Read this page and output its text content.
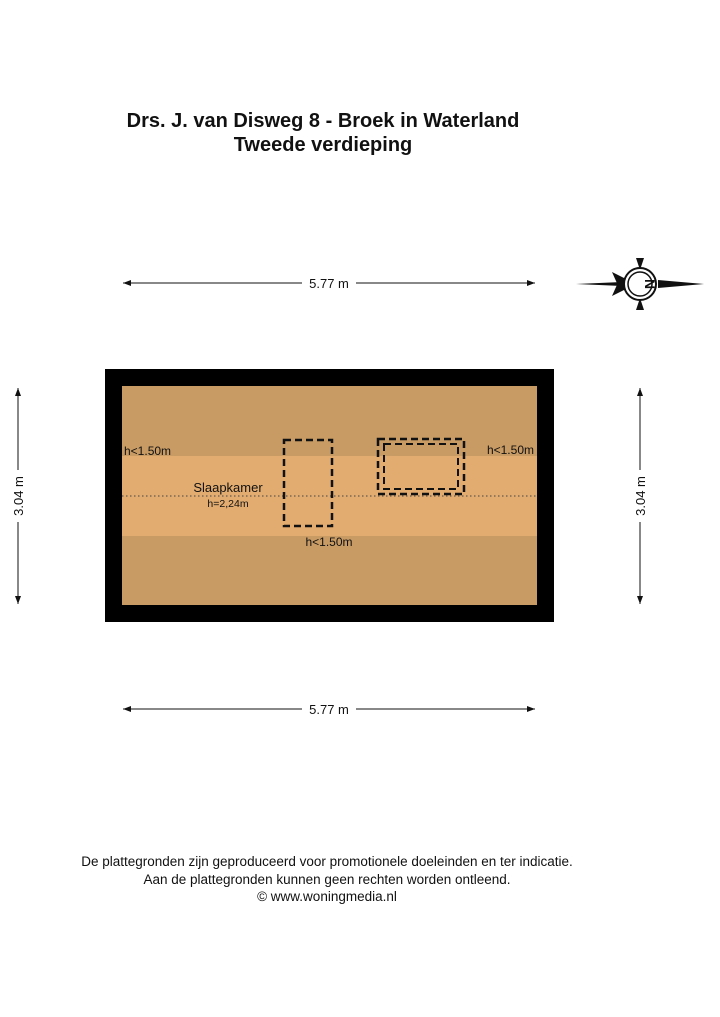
Drs. J. van Disweg 8 - Broek in Waterland
Tweede verdieping
5.77 m
5.77 m
3.04 m	3.04 m
N
Slaapkamer
h=2,24m
h<1.50m	h<1.50m
h<1.50m
De plattegronden zijn geproduceerd voor promotionele doeleinden en ter indicatie.
Aan de plattegronden kunnen geen rechten worden ontleend.
© www.woningmedia.nl
